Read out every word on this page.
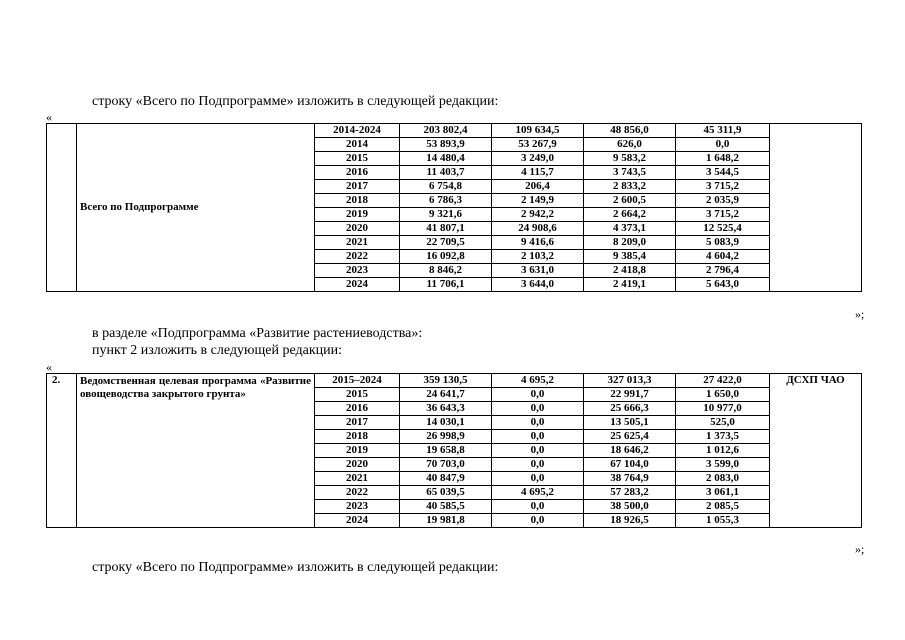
строку «Всего по Подпрограмме» изложить в следующей редакции:
«
	Всего по Подпрограмме	2014-2024	203 802,4	109 634,5	48 856,0	45 311,9	
		2014	53 893,9	53 267,9	626,0	0,0	
		2015	14 480,4	3 249,0	9 583,2	1 648,2	
		2016	11 403,7	4 115,7	3 743,5	3 544,5	
		2017	6 754,8	206,4	2 833,2	3 715,2	
		2018	6 786,3	2 149,9	2 600,5	2 035,9	
		2019	9 321,6	2 942,2	2 664,2	3 715,2	
		2020	41 807,1	24 908,6	4 373,1	12 525,4	
		2021	22 709,5	9 416,6	8 209,0	5 083,9	
		2022	16 092,8	2 103,2	9 385,4	4 604,2	
		2023	8 846,2	3 631,0	2 418,8	2 796,4	
		2024	11 706,1	3 644,0	2 419,1	5 643,0	
»;
в разделе «Подпрограмма «Развитие растениеводства»:
пункт 2 изложить в следующей редакции:
«
2.	Ведомственная целевая программа «Развитие овощеводства закрытого грунта»	2015–2024	359 130,5	4 695,2	327 013,3	27 422,0	ДСХП ЧАО
		2015	24 641,7	0,0	22 991,7	1 650,0	
		2016	36 643,3	0,0	25 666,3	10 977,0	
		2017	14 030,1	0,0	13 505,1	525,0	
		2018	26 998,9	0,0	25 625,4	1 373,5	
		2019	19 658,8	0,0	18 646,2	1 012,6	
		2020	70 703,0	0,0	67 104,0	3 599,0	
		2021	40 847,9	0,0	38 764,9	2 083,0	
		2022	65 039,5	4 695,2	57 283,2	3 061,1	
		2023	40 585,5	0,0	38 500,0	2 085,5	
		2024	19 981,8	0,0	18 926,5	1 055,3	
»;
строку «Всего по Подпрограмме» изложить в следующей редакции:
